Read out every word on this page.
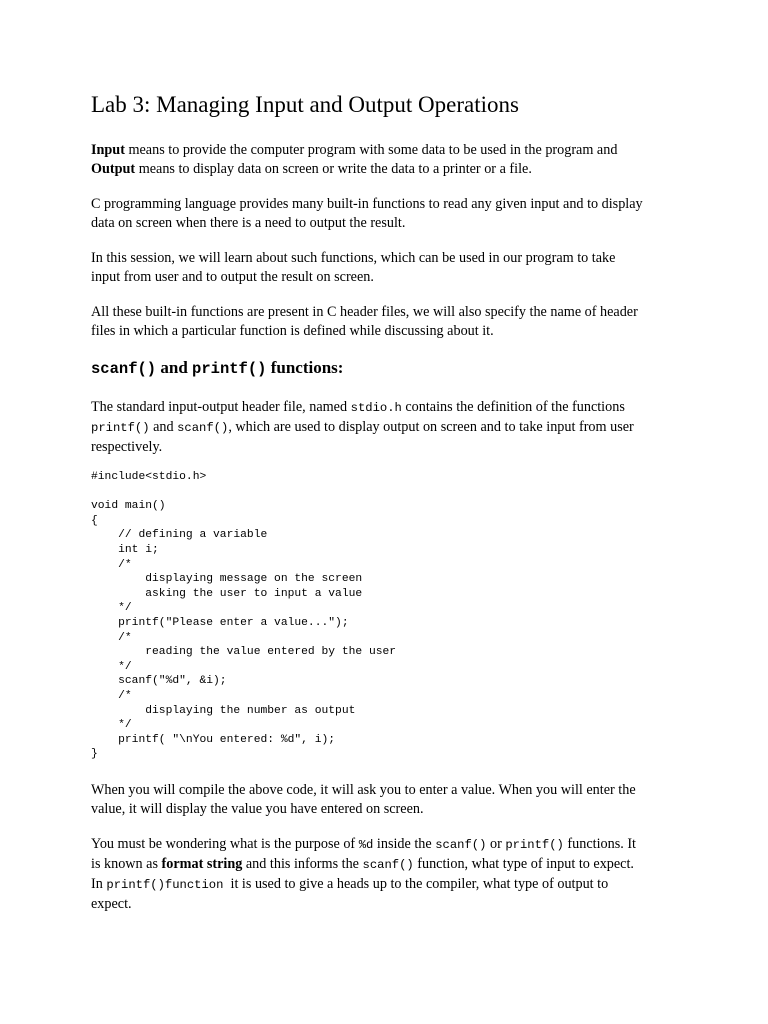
Lab 3: Managing Input and Output Operations
Input means to provide the computer program with some data to be used in the program and
Output means to display data on screen or write the data to a printer or a file.
C programming language provides many built-in functions to read any given input and to display
data on screen when there is a need to output the result.
In this session, we will learn about such functions, which can be used in our program to take
input from user and to output the result on screen.
All these built-in functions are present in C header files, we will also specify the name of header
files in which a particular function is defined while discussing about it.
scanf() and printf() functions:
The standard input-output header file, named stdio.h contains the definition of the functions
printf() and scanf(), which are used to display output on screen and to take input from user
respectively.
#include<stdio.h>

void main()
{
// defining a variable
int i;
/*
displaying message on the screen
asking the user to input a value
*/
printf("Please enter a value...");
/*
reading the value entered by the user
*/
scanf("%d", &i);
/*
displaying the number as output
*/
printf( "\nYou entered: %d", i);
}
When you will compile the above code, it will ask you to enter a value. When you will enter the
value, it will display the value you have entered on screen.
You must be wondering what is the purpose of %d inside the scanf() or printf() functions. It
is known as format string and this informs the scanf() function, what type of input to expect.
In printf()function  it is used to give a heads up to the compiler, what type of output to
expect.
